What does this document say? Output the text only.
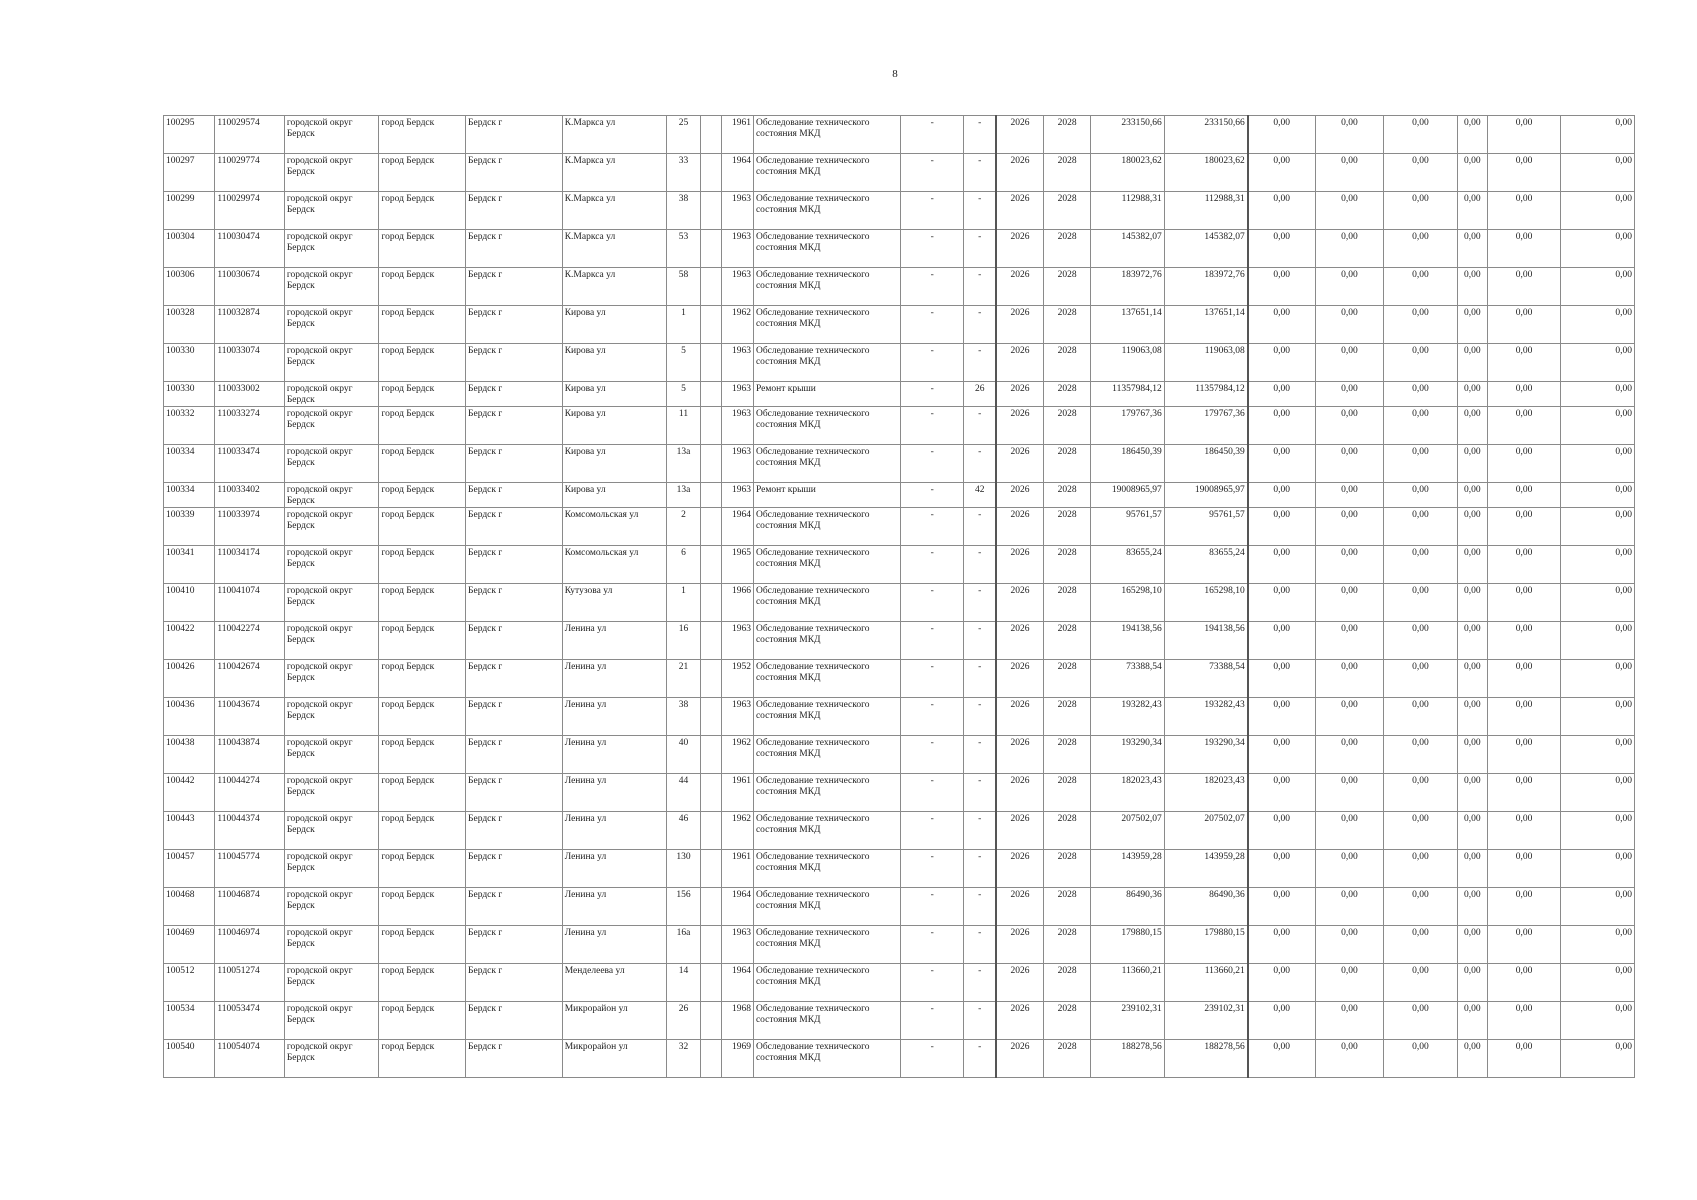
8
100295	110029574	городской округ Бердск	город Бердск	Бердск г	К.Маркса ул	25		1961	Обследование технического состояния МКД	-	-	2026	2028	233150,66	233150,66	0,00	0,00	0,00	0,00	0,00	0,00
100297	110029774	городской округ Бердск	город Бердск	Бердск г	К.Маркса ул	33		1964	Обследование технического состояния МКД	-	-	2026	2028	180023,62	180023,62	0,00	0,00	0,00	0,00	0,00	0,00
100299	110029974	городской округ Бердск	город Бердск	Бердск г	К.Маркса ул	38		1963	Обследование технического состояния МКД	-	-	2026	2028	112988,31	112988,31	0,00	0,00	0,00	0,00	0,00	0,00
100304	110030474	городской округ Бердск	город Бердск	Бердск г	К.Маркса ул	53		1963	Обследование технического состояния МКД	-	-	2026	2028	145382,07	145382,07	0,00	0,00	0,00	0,00	0,00	0,00
100306	110030674	городской округ Бердск	город Бердск	Бердск г	К.Маркса ул	58		1963	Обследование технического состояния МКД	-	-	2026	2028	183972,76	183972,76	0,00	0,00	0,00	0,00	0,00	0,00
100328	110032874	городской округ Бердск	город Бердск	Бердск г	Кирова ул	1		1962	Обследование технического состояния МКД	-	-	2026	2028	137651,14	137651,14	0,00	0,00	0,00	0,00	0,00	0,00
100330	110033074	городской округ Бердск	город Бердск	Бердск г	Кирова ул	5		1963	Обследование технического состояния МКД	-	-	2026	2028	119063,08	119063,08	0,00	0,00	0,00	0,00	0,00	0,00
100330	110033002	городской округ Бердск	город Бердск	Бердск г	Кирова ул	5		1963	Ремонт крыши	-	26	2026	2028	11357984,12	11357984,12	0,00	0,00	0,00	0,00	0,00	0,00
100332	110033274	городской округ Бердск	город Бердск	Бердск г	Кирова ул	11		1963	Обследование технического состояния МКД	-	-	2026	2028	179767,36	179767,36	0,00	0,00	0,00	0,00	0,00	0,00
100334	110033474	городской округ Бердск	город Бердск	Бердск г	Кирова ул	13а		1963	Обследование технического состояния МКД	-	-	2026	2028	186450,39	186450,39	0,00	0,00	0,00	0,00	0,00	0,00
100334	110033402	городской округ Бердск	город Бердск	Бердск г	Кирова ул	13а		1963	Ремонт крыши	-	42	2026	2028	19008965,97	19008965,97	0,00	0,00	0,00	0,00	0,00	0,00
100339	110033974	городской округ Бердск	город Бердск	Бердск г	Комсомольская ул	2		1964	Обследование технического состояния МКД	-	-	2026	2028	95761,57	95761,57	0,00	0,00	0,00	0,00	0,00	0,00
100341	110034174	городской округ Бердск	город Бердск	Бердск г	Комсомольская ул	6		1965	Обследование технического состояния МКД	-	-	2026	2028	83655,24	83655,24	0,00	0,00	0,00	0,00	0,00	0,00
100410	110041074	городской округ Бердск	город Бердск	Бердск г	Кутузова ул	1		1966	Обследование технического состояния МКД	-	-	2026	2028	165298,10	165298,10	0,00	0,00	0,00	0,00	0,00	0,00
100422	110042274	городской округ Бердск	город Бердск	Бердск г	Ленина ул	16		1963	Обследование технического состояния МКД	-	-	2026	2028	194138,56	194138,56	0,00	0,00	0,00	0,00	0,00	0,00
100426	110042674	городской округ Бердск	город Бердск	Бердск г	Ленина ул	21		1952	Обследование технического состояния МКД	-	-	2026	2028	73388,54	73388,54	0,00	0,00	0,00	0,00	0,00	0,00
100436	110043674	городской округ Бердск	город Бердск	Бердск г	Ленина ул	38		1963	Обследование технического состояния МКД	-	-	2026	2028	193282,43	193282,43	0,00	0,00	0,00	0,00	0,00	0,00
100438	110043874	городской округ Бердск	город Бердск	Бердск г	Ленина ул	40		1962	Обследование технического состояния МКД	-	-	2026	2028	193290,34	193290,34	0,00	0,00	0,00	0,00	0,00	0,00
100442	110044274	городской округ Бердск	город Бердск	Бердск г	Ленина ул	44		1961	Обследование технического состояния МКД	-	-	2026	2028	182023,43	182023,43	0,00	0,00	0,00	0,00	0,00	0,00
100443	110044374	городской округ Бердск	город Бердск	Бердск г	Ленина ул	46		1962	Обследование технического состояния МКД	-	-	2026	2028	207502,07	207502,07	0,00	0,00	0,00	0,00	0,00	0,00
100457	110045774	городской округ Бердск	город Бердск	Бердск г	Ленина ул	130		1961	Обследование технического состояния МКД	-	-	2026	2028	143959,28	143959,28	0,00	0,00	0,00	0,00	0,00	0,00
100468	110046874	городской округ Бердск	город Бердск	Бердск г	Ленина ул	156		1964	Обследование технического состояния МКД	-	-	2026	2028	86490,36	86490,36	0,00	0,00	0,00	0,00	0,00	0,00
100469	110046974	городской округ Бердск	город Бердск	Бердск г	Ленина ул	16а		1963	Обследование технического состояния МКД	-	-	2026	2028	179880,15	179880,15	0,00	0,00	0,00	0,00	0,00	0,00
100512	110051274	городской округ Бердск	город Бердск	Бердск г	Менделеева ул	14		1964	Обследование технического состояния МКД	-	-	2026	2028	113660,21	113660,21	0,00	0,00	0,00	0,00	0,00	0,00
100534	110053474	городской округ Бердск	город Бердск	Бердск г	Микрорайон ул	26		1968	Обследование технического состояния МКД	-	-	2026	2028	239102,31	239102,31	0,00	0,00	0,00	0,00	0,00	0,00
100540	110054074	городской округ Бердск	город Бердск	Бердск г	Микрорайон ул	32		1969	Обследование технического состояния МКД	-	-	2026	2028	188278,56	188278,56	0,00	0,00	0,00	0,00	0,00	0,00
